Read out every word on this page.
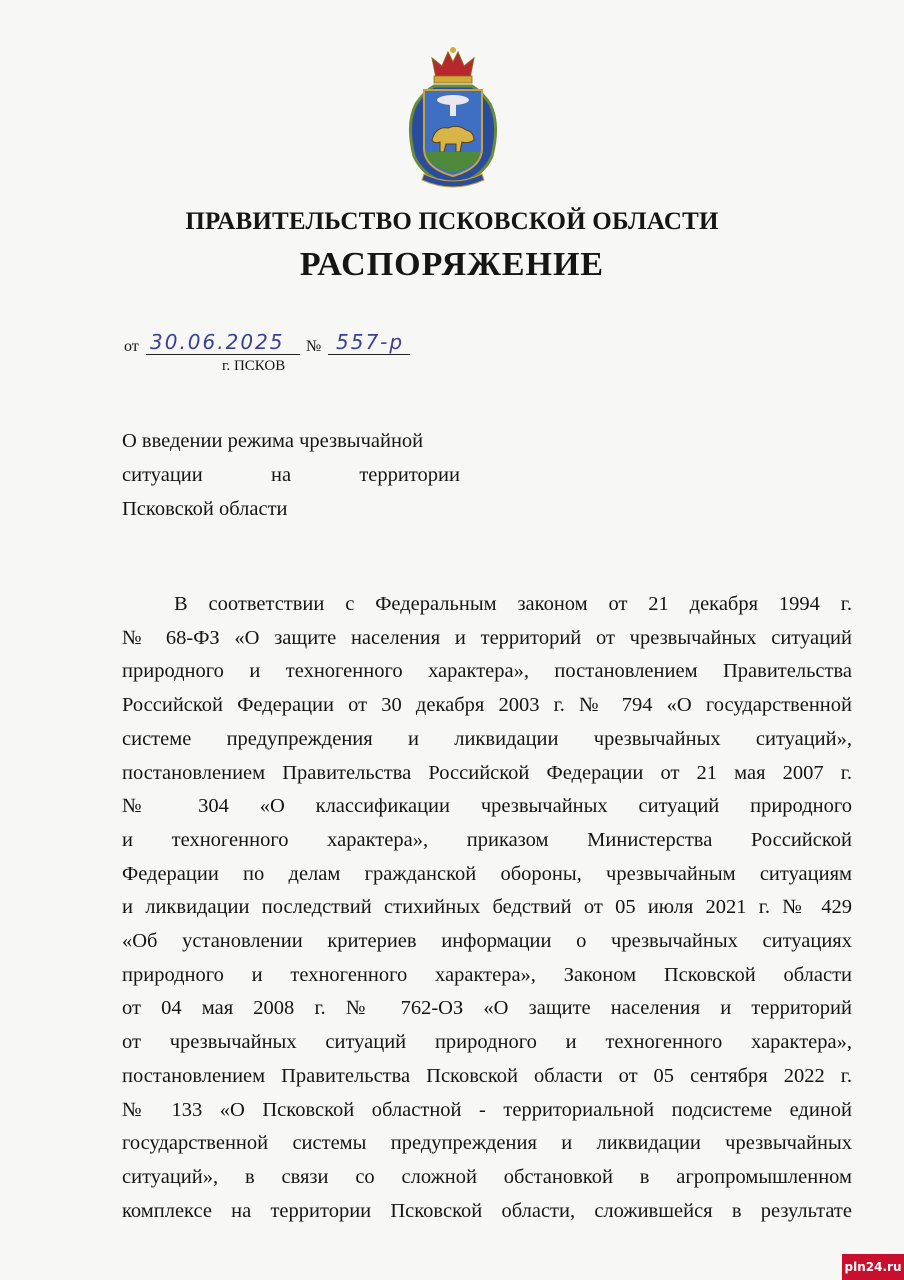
ПРАВИТЕЛЬСТВО ПСКОВСКОЙ ОБЛАСТИ
РАСПОРЯЖЕНИЕ
от 30.06.2025 № 557-р
г. ПСКОВ
О введении режима чрезвычайной
ситуации на территории
Псковской области
В соответствии с Федеральным законом от 21 декабря 1994 г.
№ 68-ФЗ «О защите населения и территорий от чрезвычайных ситуаций
природного и техногенного характера», постановлением Правительства
Российской Федерации от 30 декабря 2003 г. № 794 «О государственной
системе предупреждения и ликвидации чрезвычайных ситуаций»,
постановлением Правительства Российской Федерации от 21 мая 2007 г.
№ 304 «О классификации чрезвычайных ситуаций природного
и техногенного характера», приказом Министерства Российской
Федерации по делам гражданской обороны, чрезвычайным ситуациям
и ликвидации последствий стихийных бедствий от 05 июля 2021 г. № 429
«Об установлении критериев информации о чрезвычайных ситуациях
природного и техногенного характера», Законом Псковской области
от 04 мая 2008 г. № 762-ОЗ «О защите населения и территорий
от чрезвычайных ситуаций природного и техногенного характера»,
постановлением Правительства Псковской области от 05 сентября 2022 г.
№ 133 «О Псковской областной - территориальной подсистеме единой
государственной системы предупреждения и ликвидации чрезвычайных
ситуаций», в связи со сложной обстановкой в агропромышленном
комплексе на территории Псковской области, сложившейся в результате
pln24.ru
